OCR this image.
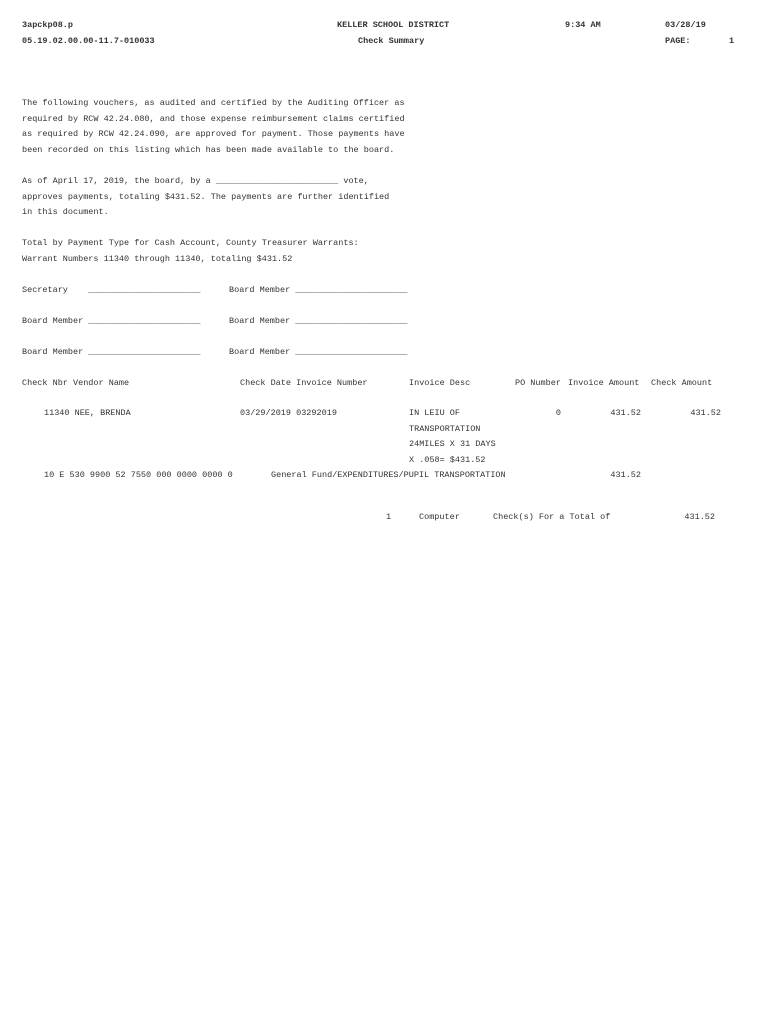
3apckp08.p
05.19.02.00.00-11.7-010033
KELLER SCHOOL DISTRICT
Check Summary
9:34 AM	03/28/19
PAGE:	1
The following vouchers, as audited and certified by the Auditing Officer as
required by RCW 42.24.080, and those expense reimbursement claims certified
as required by RCW 42.24.090, are approved for payment. Those payments have
been recorded on this listing which has been made available to the board.
As of April 17, 2019, the board, by a ________________________ vote,
approves payments, totaling $431.52. The payments are further identified
in this document.
Total by Payment Type for Cash Account, County Treasurer Warrants:
Warrant Numbers 11340 through 11340, totaling $431.52
Secretary    ______________________	Board Member ______________________
Board Member ______________________	Board Member ______________________
Board Member ______________________	Board Member ______________________
Check Nbr Vendor Name	Check Date Invoice Number	Invoice Desc	PO Number Invoice Amount Check Amount
11340 NEE, BRENDA	03/29/2019 03292019	IN LEIU OF
TRANSPORTATION
24MILES X 31 DAYS
X .058= $431.52
0	431.52	431.52
10 E 530 9900 52 7550 000 0000 0000 0	General Fund/EXPENDITURES/PUPIL TRANSPORTATION	431.52
1	Computer	Check(s) For a Total of	431.52
